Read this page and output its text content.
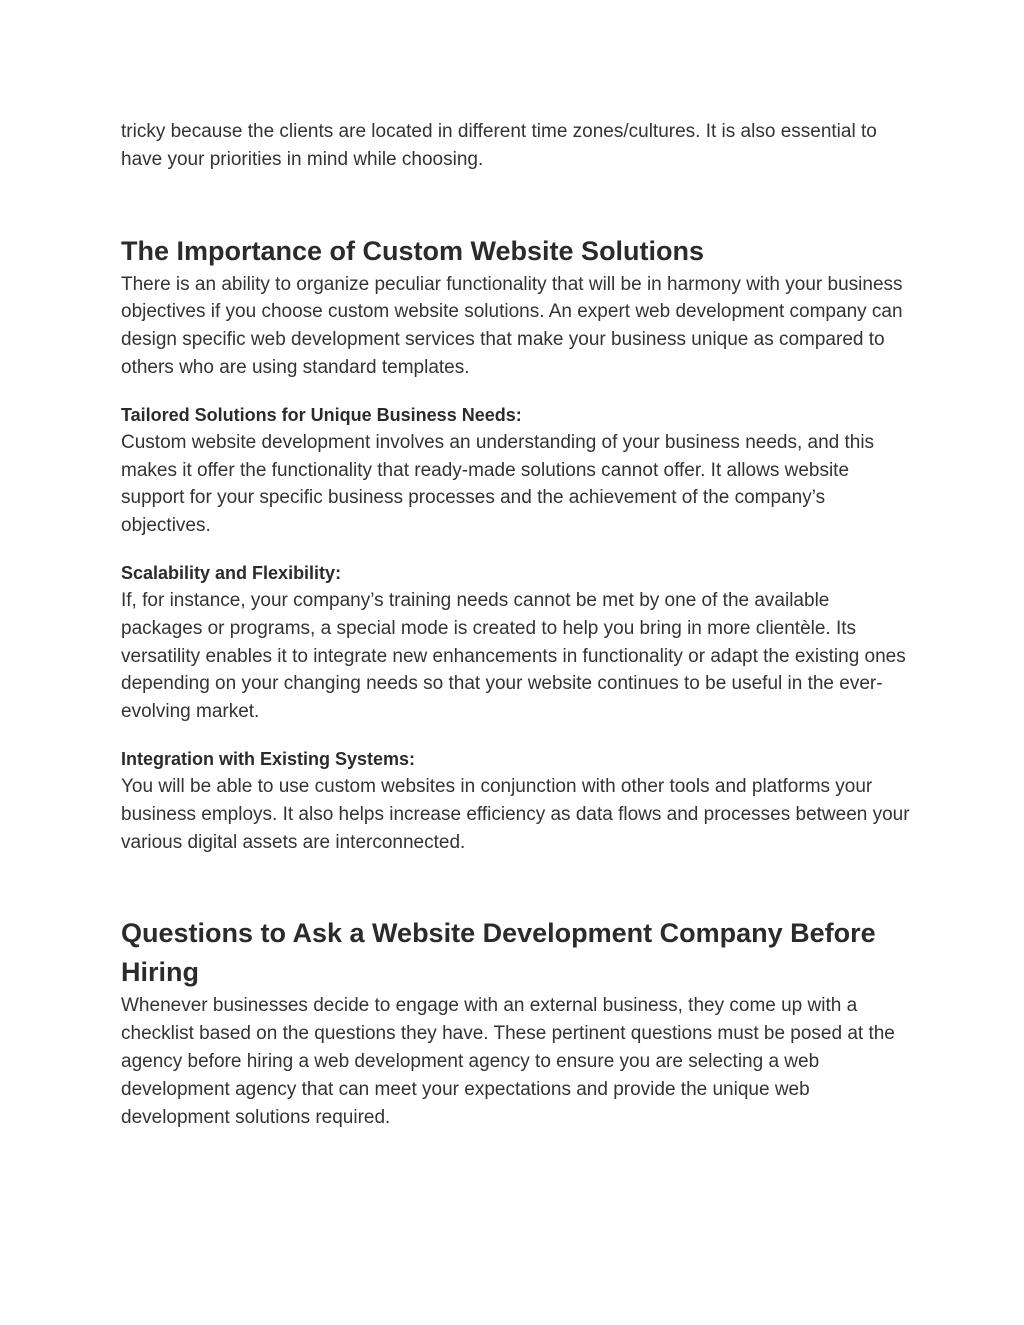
tricky because the clients are located in different time zones/cultures. It is also essential to have your priorities in mind while choosing.

The Importance of Custom Website Solutions

There is an ability to organize peculiar functionality that will be in harmony with your business objectives if you choose custom website solutions. An expert web development company can design specific web development services that make your business unique as compared to others who are using standard templates.

Tailored Solutions for Unique Business Needs:

Custom website development involves an understanding of your business needs, and this makes it offer the functionality that ready-made solutions cannot offer. It allows website support for your specific business processes and the achievement of the company’s objectives.

Scalability and Flexibility:

If, for instance, your company’s training needs cannot be met by one of the available packages or programs, a special mode is created to help you bring in more clientèle. Its versatility enables it to integrate new enhancements in functionality or adapt the existing ones depending on your changing needs so that your website continues to be useful in the ever-evolving market.

Integration with Existing Systems:

You will be able to use custom websites in conjunction with other tools and platforms your business employs. It also helps increase efficiency as data flows and processes between your various digital assets are interconnected.

Questions to Ask a Website Development Company Before Hiring

Whenever businesses decide to engage with an external business, they come up with a checklist based on the questions they have. These pertinent questions must be posed at the agency before hiring a web development agency to ensure you are selecting a web development agency that can meet your expectations and provide the unique web development solutions required.
